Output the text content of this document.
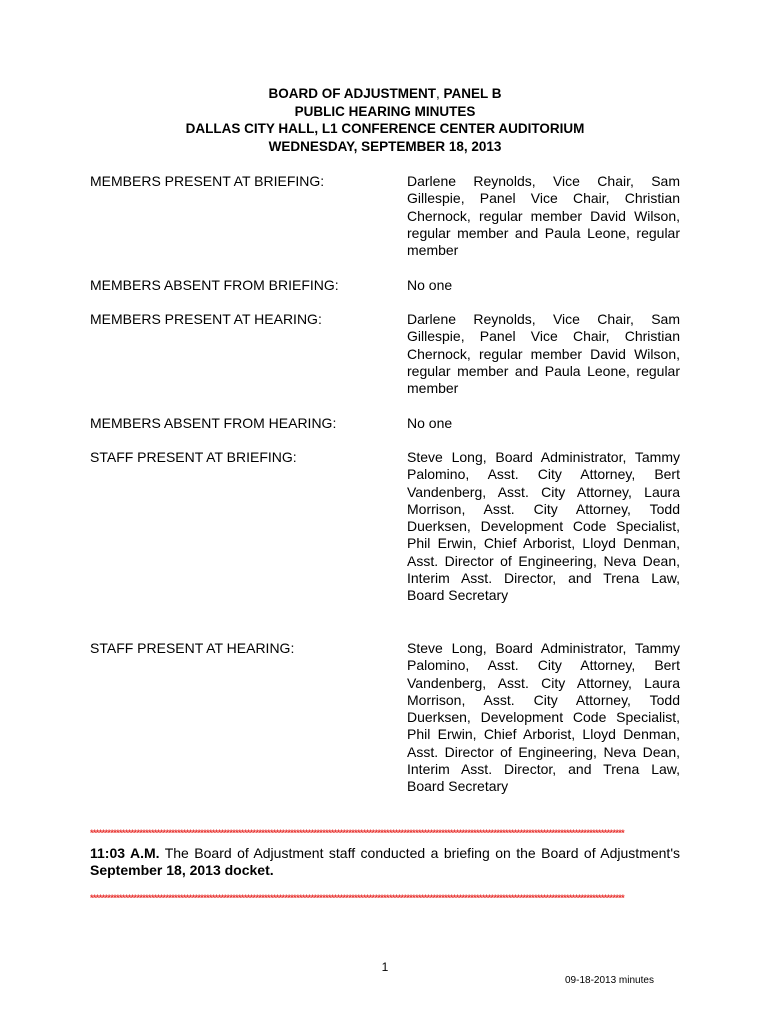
BOARD OF ADJUSTMENT, PANEL B
PUBLIC HEARING MINUTES
DALLAS CITY HALL, L1 CONFERENCE CENTER AUDITORIUM
WEDNESDAY, SEPTEMBER 18, 2013
MEMBERS PRESENT AT BRIEFING:	Darlene Reynolds, Vice Chair, Sam Gillespie, Panel Vice Chair, Christian Chernock, regular member David Wilson, regular member and Paula Leone, regular member
MEMBERS ABSENT FROM BRIEFING:	No one
MEMBERS PRESENT AT HEARING:	Darlene Reynolds, Vice Chair, Sam Gillespie, Panel Vice Chair, Christian Chernock, regular member David Wilson, regular member and Paula Leone, regular member
MEMBERS ABSENT FROM HEARING:	No one
STAFF PRESENT AT BRIEFING:	Steve Long, Board Administrator, Tammy Palomino, Asst. City Attorney, Bert Vandenberg, Asst. City Attorney, Laura Morrison, Asst. City Attorney, Todd Duerksen, Development Code Specialist, Phil Erwin, Chief Arborist, Lloyd Denman, Asst. Director of Engineering, Neva Dean, Interim Asst. Director, and Trena Law, Board Secretary
STAFF PRESENT AT HEARING:	Steve Long, Board Administrator, Tammy Palomino, Asst. City Attorney, Bert Vandenberg, Asst. City Attorney, Laura Morrison, Asst. City Attorney, Todd Duerksen, Development Code Specialist, Phil Erwin, Chief Arborist, Lloyd Denman, Asst. Director of Engineering, Neva Dean, Interim Asst. Director, and Trena Law, Board Secretary
****************************************************************************************************************************************************************************************
11:03 A.M. The Board of Adjustment staff conducted a briefing on the Board of Adjustment's September 18, 2013 docket.
****************************************************************************************************************************************************************************************
1
09-18-2013 minutes
